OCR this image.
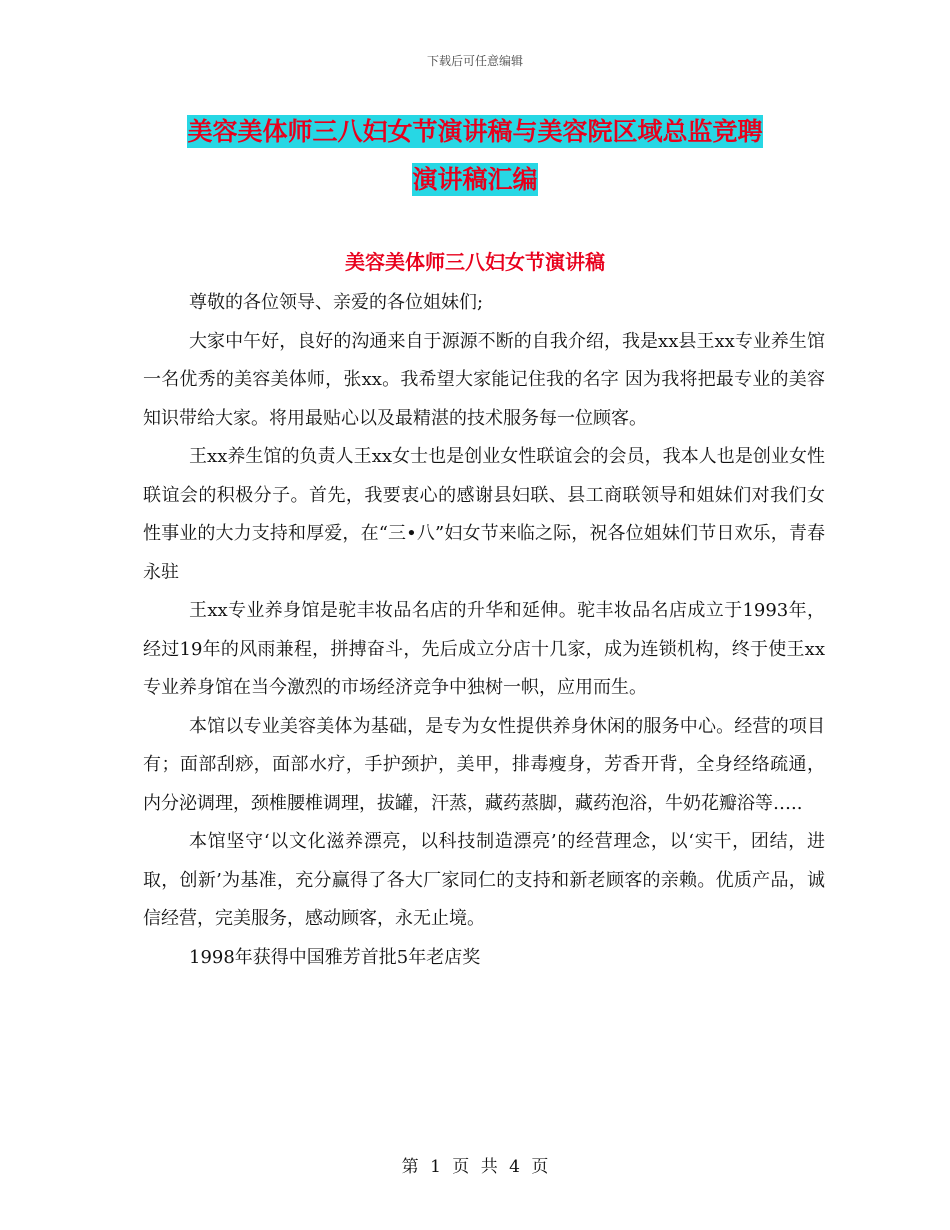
下载后可任意编辑
美容美体师三八妇女节演讲稿与美容院区域总监竞聘
演讲稿汇编
美容美体师三八妇女节演讲稿

尊敬的各位领导、亲爱的各位姐妹们;

大家中午好，良好的沟通来自于源源不断的自我介绍，我是xx县王xx专业养生馆一名优秀的美容美体师，张xx。我希望大家能记住我的名字 因为我将把最专业的美容知识带给大家。将用最贴心以及最精湛的技术服务每一位顾客。

王xx养生馆的负责人王xx女士也是创业女性联谊会的会员，我本人也是创业女性联谊会的积极分子。首先，我要衷心的感谢县妇联、县工商联领导和姐妹们对我们女性事业的大力支持和厚爱，在“三•八”妇女节来临之际，祝各位姐妹们节日欢乐，青春永驻

王xx专业养身馆是驼丰妆品名店的升华和延伸。驼丰妆品名店成立于1993年，经过19年的风雨兼程，拼搏奋斗，先后成立分店十几家，成为连锁机构，终于使王xx专业养身馆在当今激烈的市场经济竞争中独树一帜，应用而生。

本馆以专业美容美体为基础，是专为女性提供养身休闲的服务中心。经营的项目有；面部刮痧，面部水疗，手护颈护，美甲，排毒瘦身，芳香开背，全身经络疏通，内分泌调理，颈椎腰椎调理，拔罐，汗蒸，藏药蒸脚，藏药泡浴，牛奶花瓣浴等…..

本馆坚守‘以文化滋养漂亮，以科技制造漂亮’的经营理念，以‘实干，团结，进取，创新’为基准，充分赢得了各大厂家同仁的支持和新老顾客的亲赖。优质产品，诚信经营，完美服务，感动顾客，永无止境。

1998年获得中国雅芳首批5年老店奖

第 1 页 共 4 页
